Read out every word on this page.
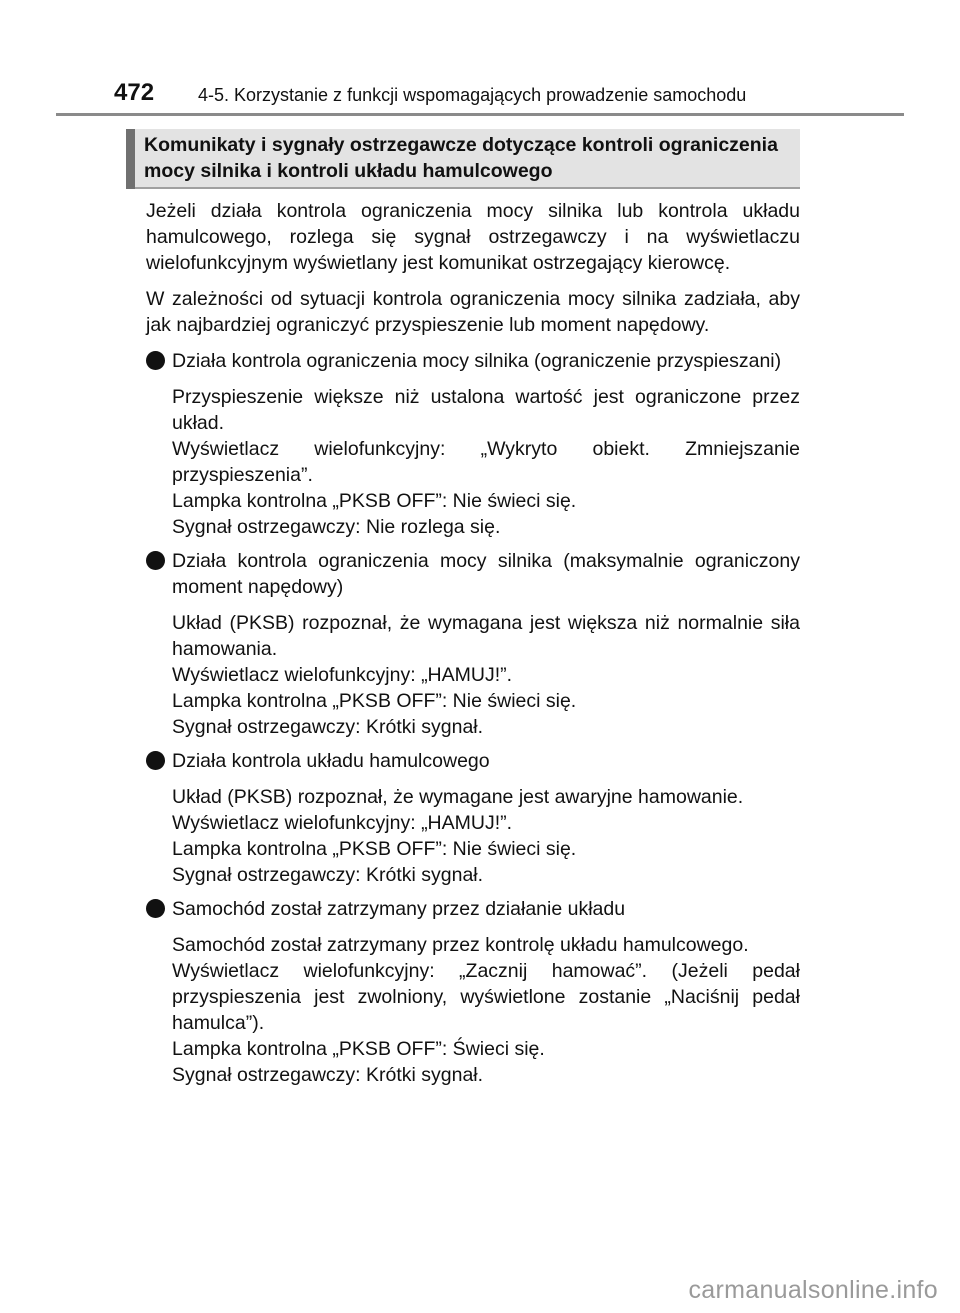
472 4-5. Korzystanie z funkcji wspomagających prowadzenie samochodu
Komunikaty i sygnały ostrzegawcze dotyczące kontroli ograniczenia mocy silnika i kontroli układu hamulcowego

Jeżeli działa kontrola ograniczenia mocy silnika lub kontrola układu hamulcowego, rozlega się sygnał ostrzegawczy i na wyświetlaczu wielofunkcyjnym wyświetlany jest komunikat ostrzegający kierowcę.

W zależności od sytuacji kontrola ograniczenia mocy silnika zadziała, aby jak najbardziej ograniczyć przyspieszenie lub moment napędowy.

Działa kontrola ograniczenia mocy silnika (ograniczenie przyspieszani)
Przyspieszenie większe niż ustalona wartość jest ograniczone przez układ.
Wyświetlacz wielofunkcyjny: „Wykryto obiekt. Zmniejszanie przyspieszenia”.
Lampka kontrolna „PKSB OFF”: Nie świeci się.
Sygnał ostrzegawczy: Nie rozlega się.
Działa kontrola ograniczenia mocy silnika (maksymalnie ograniczony moment napędowy)
Układ (PKSB) rozpoznał, że wymagana jest większa niż normalnie siła hamowania.
Wyświetlacz wielofunkcyjny: „HAMUJ!”.
Lampka kontrolna „PKSB OFF”: Nie świeci się.
Sygnał ostrzegawczy: Krótki sygnał.
Działa kontrola układu hamulcowego
Układ (PKSB) rozpoznał, że wymagane jest awaryjne hamowanie.
Wyświetlacz wielofunkcyjny: „HAMUJ!”.
Lampka kontrolna „PKSB OFF”: Nie świeci się.
Sygnał ostrzegawczy: Krótki sygnał.
Samochód został zatrzymany przez działanie układu
Samochód został zatrzymany przez kontrolę układu hamulcowego.
Wyświetlacz wielofunkcyjny: „Zacznij hamować”. (Jeżeli pedał przyspieszenia jest zwolniony, wyświetlone zostanie „Naciśnij pedał hamulca”).
Lampka kontrolna „PKSB OFF”: Świeci się.
Sygnał ostrzegawczy: Krótki sygnał.
carmanualsonline.info
